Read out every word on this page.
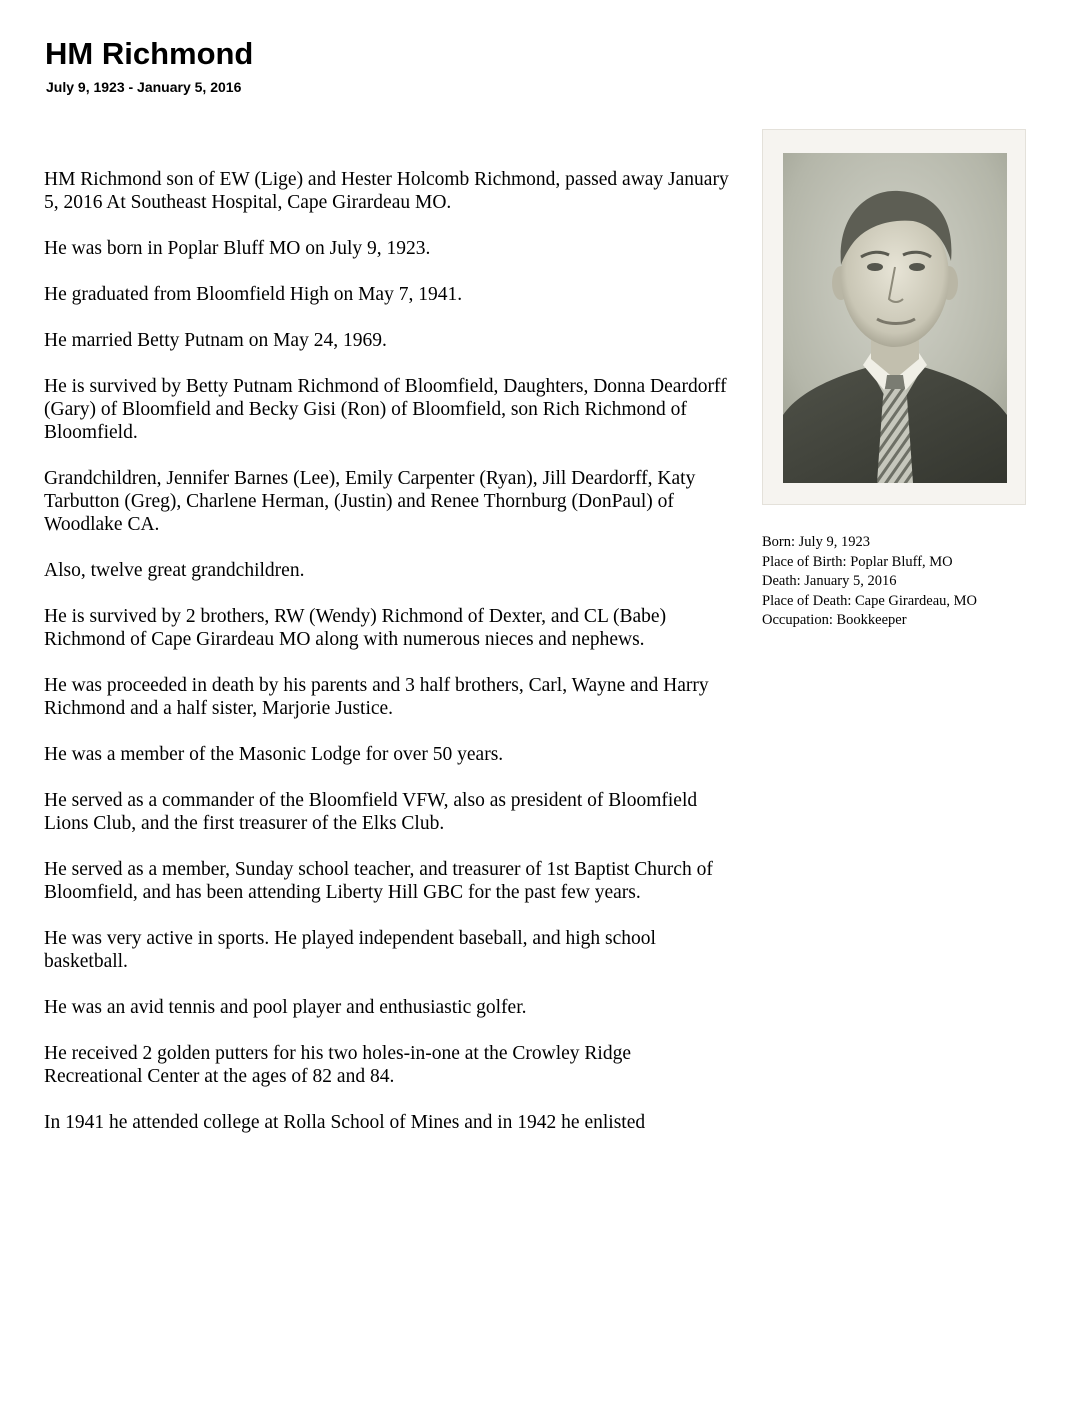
HM Richmond
July 9, 1923 - January 5, 2016

HM Richmond son of EW (Lige) and Hester Holcomb Richmond, passed away January 5, 2016 At Southeast Hospital, Cape Girardeau MO.

He was born in Poplar Bluff MO on July 9, 1923.

He graduated from Bloomfield High on May 7, 1941.

He married Betty Putnam on May 24, 1969.

He is survived by Betty Putnam Richmond of Bloomfield, Daughters, Donna Deardorff (Gary) of Bloomfield and Becky Gisi (Ron) of Bloomfield, son Rich Richmond of Bloomfield.

Grandchildren, Jennifer Barnes (Lee), Emily Carpenter (Ryan), Jill Deardorff, Katy Tarbutton (Greg), Charlene Herman, (Justin) and Renee Thornburg (DonPaul) of Woodlake CA.

Also, twelve great grandchildren.

He is survived by 2 brothers, RW (Wendy) Richmond of Dexter, and CL (Babe) Richmond of Cape Girardeau MO along with numerous nieces and nephews.

He was proceeded in death by his parents and 3 half brothers, Carl, Wayne and Harry Richmond and a half sister, Marjorie Justice.

He was a member of the Masonic Lodge for over 50 years.

He served as a commander of the Bloomfield VFW, also as president of Bloomfield Lions Club, and the first treasurer of the Elks Club.

He served as a member, Sunday school teacher, and treasurer of 1st Baptist Church of Bloomfield, and has been attending Liberty Hill GBC for the past few years.

He was very active in sports. He played independent baseball, and high school basketball.

He was an avid tennis and pool player and enthusiastic golfer.

He received 2 golden putters for his two holes-in-one at the Crowley Ridge Recreational Center at the ages of 82 and 84.

In 1941 he attended college at Rolla School of Mines and in 1942 he enlisted

Born: July 9, 1923
Place of Birth: Poplar Bluff, MO
Death: January 5, 2016
Place of Death: Cape Girardeau, MO
Occupation: Bookkeeper
